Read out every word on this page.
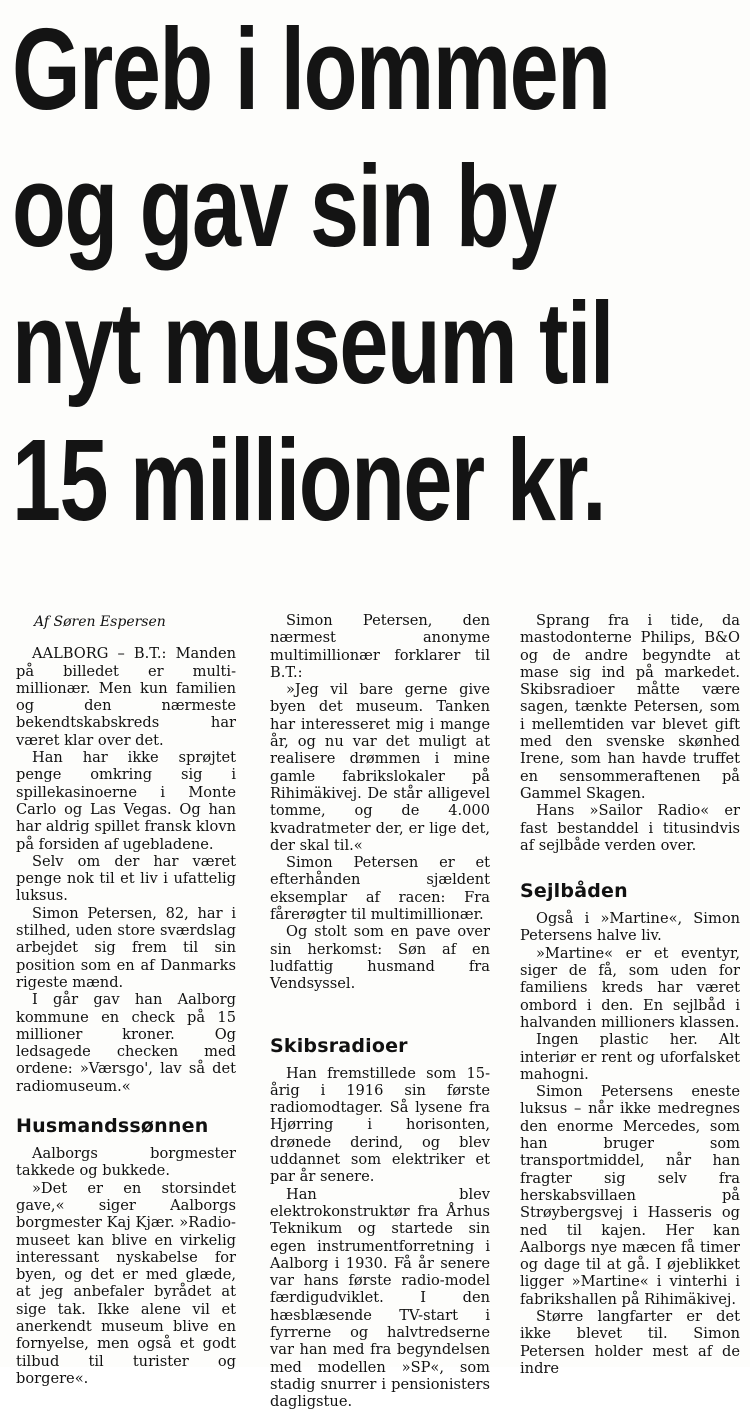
Greb i lommen
og gav sin by
nyt museum til
15 millioner kr.
Af Søren Espersen

AALBORG – B.T.: Manden på billedet er multi-millionær. Men kun familien og den nærmeste bekendtskabskreds har været klar over det.

Han har ikke sprøjtet penge omkring sig i spillekasinoerne i Monte Carlo og Las Vegas. Og han har aldrig spillet fransk klovn på forsiden af ugebladene.

Selv om der har været penge nok til et liv i ufattelig luksus.

Simon Petersen, 82, har i stilhed, uden store sværdslag arbejdet sig frem til sin position som en af Danmarks rigeste mænd.

I går gav han Aalborg kommune en check på 15 millioner kroner. Og ledsagede checken med ordene: »Værsgo', lav så det radiomuseum.«

Husmandssønnen

Aalborgs borgmester takkede og bukkede.

»Det er en storsindet gave,« siger Aalborgs borgmester Kaj Kjær. »Radio-museet kan blive en virkelig interessant nyskabelse for byen, og det er med glæde, at jeg anbefaler byrådet at sige tak. Ikke alene vil et anerkendt museum blive en fornyelse, men også et godt tilbud til turister og borgere«.

Simon Petersen, den nærmest anonyme multimillionær forklarer til B.T.:

»Jeg vil bare gerne give byen det museum. Tanken har interesseret mig i mange år, og nu var det muligt at realisere drømmen i mine gamle fabrikslokaler på Rihimäkivej. De står alligevel tomme, og de 4.000 kvadratmeter der, er lige det, der skal til.«

Simon Petersen er et efterhånden sjældent eksemplar af racen: Fra fårerøgter til multimillionær.

Og stolt som en pave over sin herkomst: Søn af en ludfattig husmand fra Vendsyssel.

Skibsradioer

Han fremstillede som 15-årig i 1916 sin første radiomodtager. Så lysene fra Hjørring i horisonten, drønede derind, og blev uddannet som elektriker et par år senere.

Han blev elektrokonstruktør fra Århus Teknikum og startede sin egen instrumentforretning i Aalborg i 1930. Få år senere var hans første radio-model færdigudviklet. I den hæsblæsende TV-start i fyrrerne og halvtredserne var han med fra begyndelsen med modellen »SP«, som stadig snurrer i pensionisters dagligstue.

Sprang fra i tide, da mastodonterne Philips, B&O og de andre begyndte at mase sig ind på markedet. Skibsradioer måtte være sagen, tænkte Petersen, som i mellemtiden var blevet gift med den svenske skønhed Irene, som han havde truffet en sensommeraftenen på Gammel Skagen.

Hans »Sailor Radio« er fast bestanddel i titusindvis af sejlbåde verden over.

Sejlbåden

Også i »Martine«, Simon Petersens halve liv.

»Martine« er et eventyr, siger de få, som uden for familiens kreds har været ombord i den. En sejlbåd i halvanden millioners klassen.

Ingen plastic her. Alt interiør er rent og uforfalsket mahogni.

Simon Petersens eneste luksus – når ikke medregnes den enorme Mercedes, som han bruger som transportmiddel, når han fragter sig selv fra herskabsvillaen på Strøybergsvej i Hasseris og ned til kajen. Her kan Aalborgs nye mæcen få timer og dage til at gå. I øjeblikket ligger »Martine« i vinterhi i fabrikshallen på Rihimäkivej.

Større langfarter er det ikke blevet til. Simon Petersen holder mest af de indre
